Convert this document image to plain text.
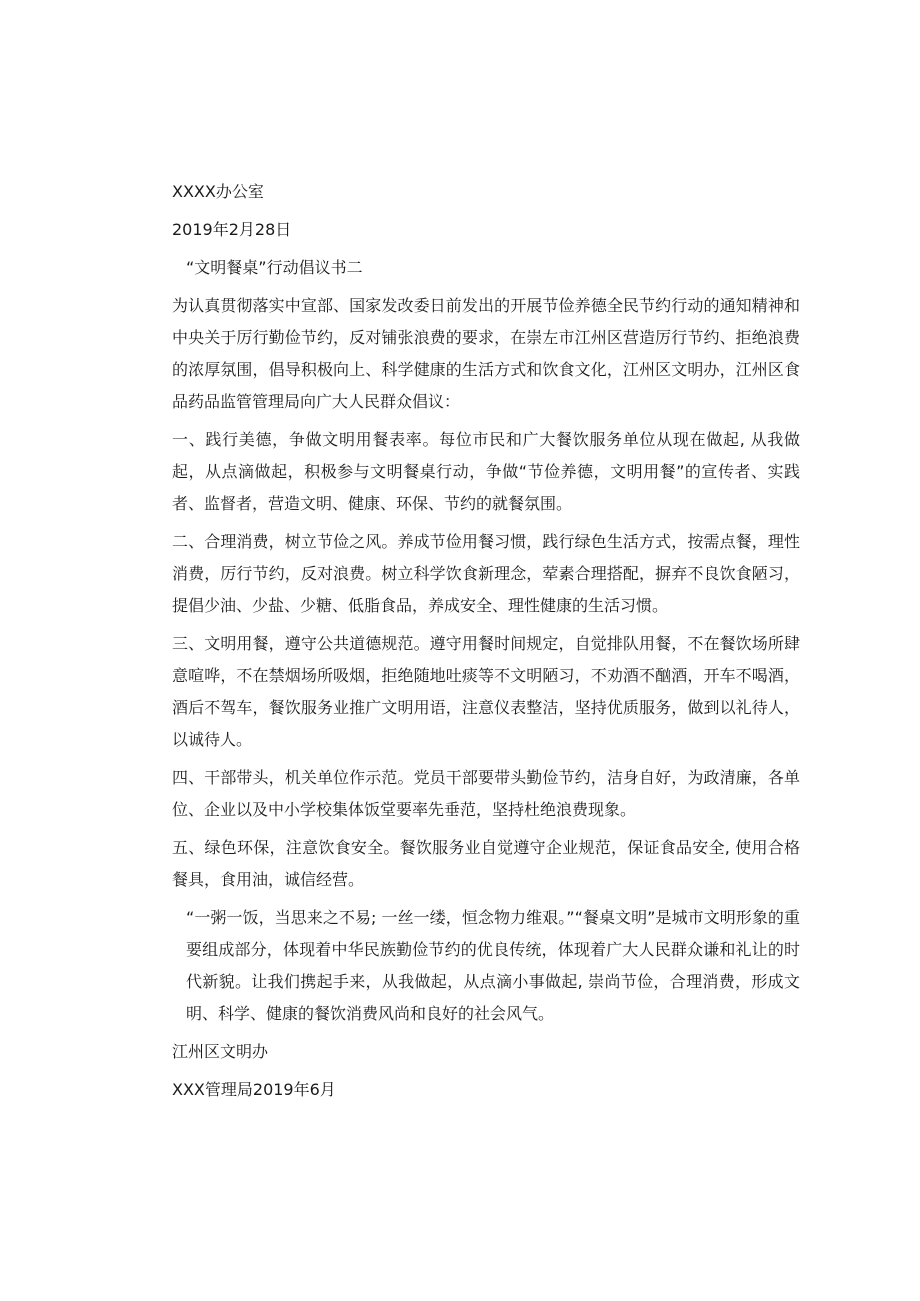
XXXX办公室

2019年2月28日

“文明餐桌”行动倡议书二

为认真贯彻落实中宣部、国家发改委日前发出的开展节俭养德全民节约行动的通知精神和中央关于厉行勤俭节约，反对铺张浪费的要求，在崇左市江州区营造厉行节约、拒绝浪费的浓厚氛围，倡导积极向上、科学健康的生活方式和饮食文化，江州区文明办，江州区食品药品监管管理局向广大人民群众倡议：

一、践行美德，争做文明用餐表率。每位市民和广大餐饮服务单位从现在做起, 从我做起，从点滴做起，积极参与文明餐桌行动，争做“节俭养德，文明用餐”的宣传者、实践者、监督者，营造文明、健康、环保、节约的就餐氛围。

二、合理消费，树立节俭之风。养成节俭用餐习惯，践行绿色生活方式，按需点餐，理性消费，厉行节约，反对浪费。树立科学饮食新理念，荤素合理搭配，摒弃不良饮食陋习，提倡少油、少盐、少糖、低脂食品，养成安全、理性健康的生活习惯。

三、文明用餐，遵守公共道德规范。遵守用餐时间规定，自觉排队用餐，不在餐饮场所肆意喧哗，不在禁烟场所吸烟，拒绝随地吐痰等不文明陋习，不劝酒不酗酒，开车不喝酒，酒后不驾车，餐饮服务业推广文明用语，注意仪表整洁，坚持优质服务，做到以礼待人，以诚待人。

四、干部带头，机关单位作示范。党员干部要带头勤俭节约，洁身自好，为政清廉，各单位、企业以及中小学校集体饭堂要率先垂范，坚持杜绝浪费现象。

五、绿色环保，注意饮食安全。餐饮服务业自觉遵守企业规范，保证食品安全, 使用合格餐具，食用油，诚信经营。

“一粥一饭，当思来之不易; 一丝一缕，恒念物力维艰。”“餐桌文明”是城市文明形象的重要组成部分，体现着中华民族勤俭节约的优良传统，体现着广大人民群众谦和礼让的时代新貌。让我们携起手来，从我做起，从点滴小事做起, 崇尚节俭，合理消费，形成文明、科学、健康的餐饮消费风尚和良好的社会风气。

江州区文明办

XXX管理局2019年6月
